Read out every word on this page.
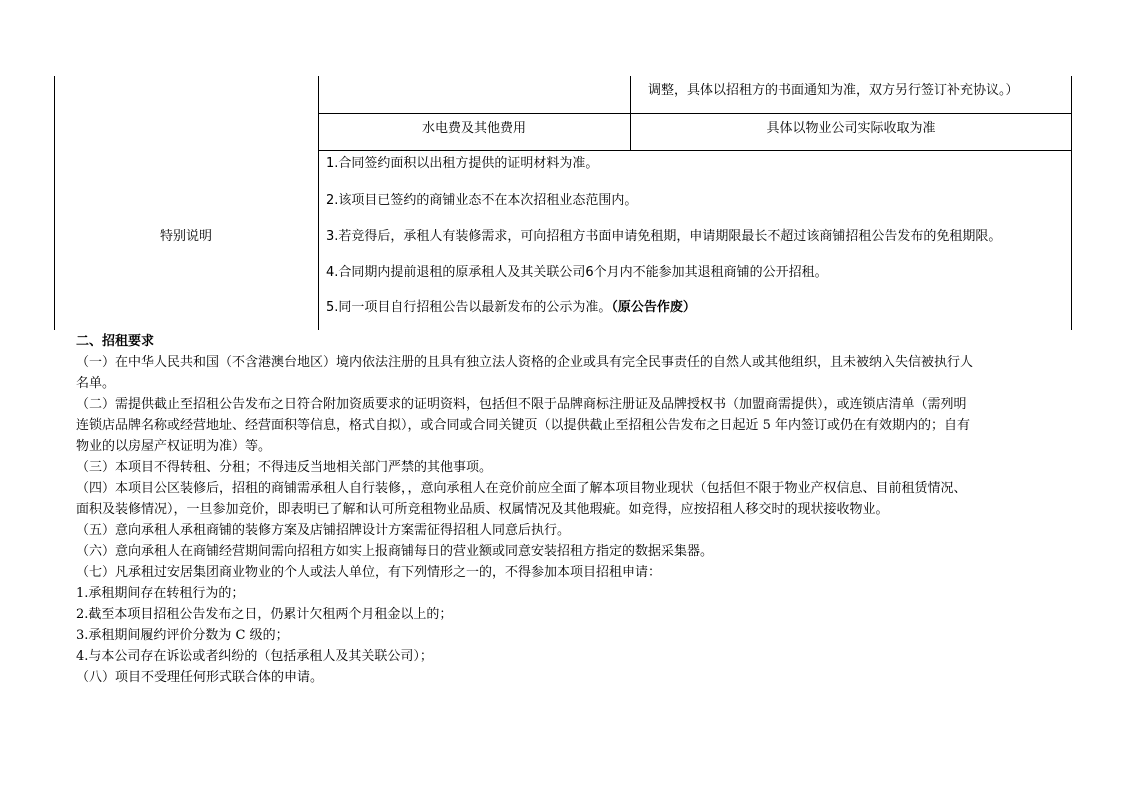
调整，具体以招租方的书面通知为准，双方另行签订补充协议。）
水电费及其他费用	具体以物业公司实际收取为准
特别说明
1.合同签约面积以出租方提供的证明材料为准。
2.该项目已签约的商铺业态不在本次招租业态范围内。
3.若竞得后，承租人有装修需求，可向招租方书面申请免租期，申请期限最长不超过该商铺招租公告发布的免租期限。
4.合同期内提前退租的原承租人及其关联公司6个月内不能参加其退租商铺的公开招租。
5.同一项目自行招租公告以最新发布的公示为准。（原公告作废）

二、招租要求

（一）在中华人民共和国（不含港澳台地区）境内依法注册的且具有独立法人资格的企业或具有完全民事责任的自然人或其他组织，且未被纳入失信被执行人

名单。

（二）需提供截止至招租公告发布之日符合附加资质要求的证明资料，包括但不限于品牌商标注册证及品牌授权书（加盟商需提供），或连锁店清单（需列明

连锁店品牌名称或经营地址、经营面积等信息，格式自拟），或合同或合同关键页（以提供截止至招租公告发布之日起近 5 年内签订或仍在有效期内的；自有

物业的以房屋产权证明为准）等。

（三）本项目不得转租、分租；不得违反当地相关部门严禁的其他事项。

（四）本项目公区装修后，招租的商铺需承租人自行装修，，意向承租人在竞价前应全面了解本项目物业现状（包括但不限于物业产权信息、目前租赁情况、

面积及装修情况），一旦参加竞价，即表明已了解和认可所竞租物业品质、权属情况及其他瑕疵。如竞得，应按招租人移交时的现状接收物业。

（五）意向承租人承租商铺的装修方案及店铺招牌设计方案需征得招租人同意后执行。

（六）意向承租人在商铺经营期间需向招租方如实上报商铺每日的营业额或同意安装招租方指定的数据采集器。

（七）凡承租过安居集团商业物业的个人或法人单位，有下列情形之一的，不得参加本项目招租申请：

1.承租期间存在转租行为的；

2.截至本项目招租公告发布之日，仍累计欠租两个月租金以上的；

3.承租期间履约评价分数为 C 级的；

4.与本公司存在诉讼或者纠纷的（包括承租人及其关联公司）；

（八）项目不受理任何形式联合体的申请。
